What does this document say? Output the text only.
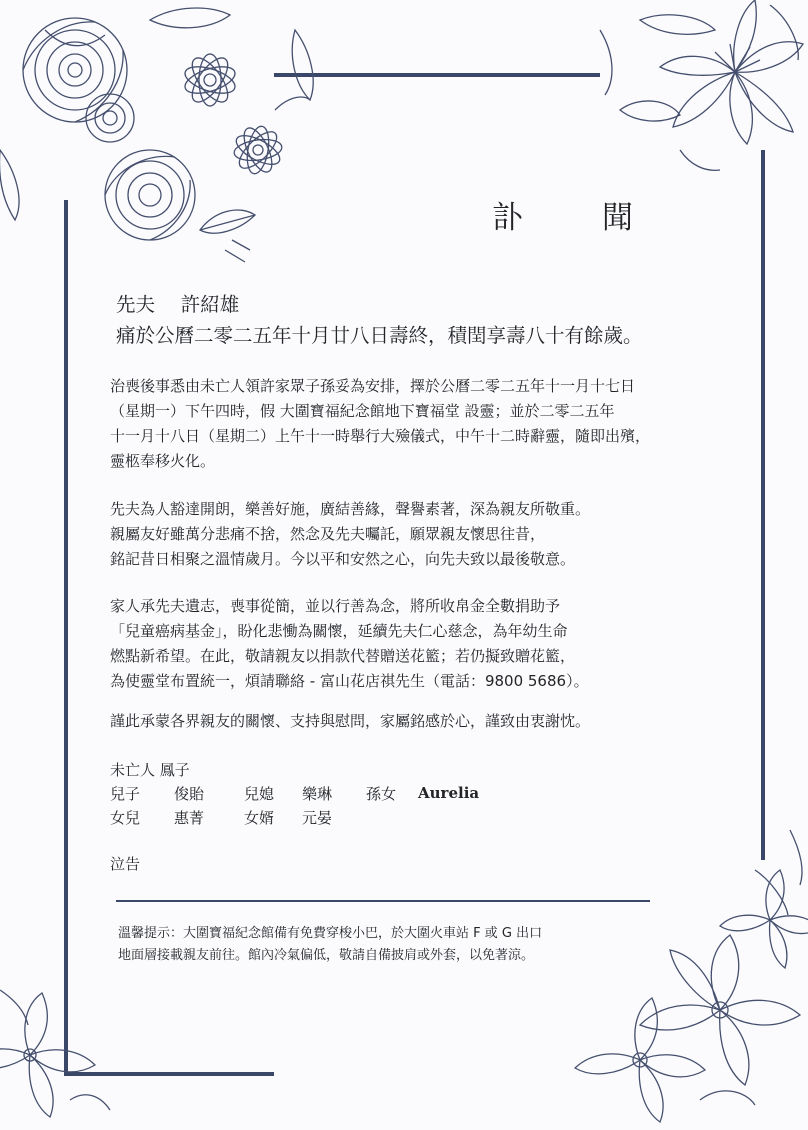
訃　聞
先夫　 許紹雄
痛於公曆二零二五年十月廿八日壽終，積閏享壽八十有餘歲。
治喪後事悉由未亡人領許家眾子孫妥為安排，擇於公曆二零二五年十一月十七日
（星期一）下午四時，假 大圍寶福紀念館地下寶福堂 設靈；並於二零二五年
十一月十八日（星期二）上午十一時舉行大殮儀式，中午十二時辭靈，隨即出殯，
靈柩奉移火化。
先夫為人豁達開朗，樂善好施，廣結善緣，聲譽素著，深為親友所敬重。
親屬友好雖萬分悲痛不捨，然念及先夫囑託，願眾親友懷思往昔，
銘記昔日相聚之溫情歲月。今以平和安然之心，向先夫致以最後敬意。
家人承先夫遺志，喪事從簡，並以行善為念，將所收帛金全數捐助予
「兒童癌病基金」，盼化悲慟為關懷，延續先夫仁心慈念，為年幼生命
燃點新希望。在此，敬請親友以捐款代替贈送花籃；若仍擬致贈花籃，
為使靈堂布置統一，煩請聯絡 - 富山花店祺先生（電話：9800 5686）。
謹此承蒙各界親友的關懷、支持與慰問，家屬銘感於心，謹致由衷謝忱。
未亡人 鳳子
兒子 俊貽	兒媳 樂琳 孫女 Aurelia
女兒 惠菁	女婿 元晏
泣告
溫馨提示：大圍寶福紀念館備有免費穿梭小巴，於大圍火車站 F 或 G 出口
地面層接載親友前往。館內冷氣偏低，敬請自備披肩或外套，以免著涼。
